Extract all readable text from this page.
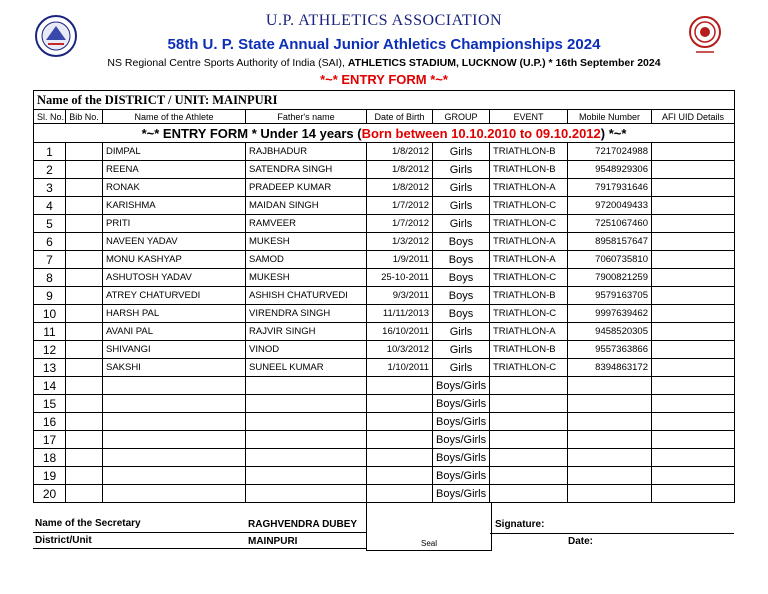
U.P. ATHLETICS ASSOCIATION
58th U. P. State Annual Junior Athletics Championships 2024
NS Regional Centre Sports Authority of India (SAI), ATHLETICS STADIUM, LUCKNOW (U.P.) * 16th September 2024
*~* ENTRY FORM *~*
Name of the DISTRICT / UNIT: MAINPURI								
Sl. No.	Bib No.	Name of the Athlete	Father's name	Date of Birth	GROUP	EVENT	Mobile Number	AFI UID Details
*~* ENTRY FORM * Under 14 years (Born between 10.10.2010 to 09.10.2012) *~*								
1		DIMPAL	RAJBHADUR	1/8/2012	Girls	TRIATHLON-B	7217024988	
2		REENA	SATENDRA SINGH	1/8/2012	Girls	TRIATHLON-B	9548929306	
3		RONAK	PRADEEP KUMAR	1/8/2012	Girls	TRIATHLON-A	7917931646	
4		KARISHMA	MAIDAN SINGH	1/7/2012	Girls	TRIATHLON-C	9720049433	
5		PRITI	RAMVEER	1/7/2012	Girls	TRIATHLON-C	7251067460	
6		NAVEEN YADAV	MUKESH	1/3/2012	Boys	TRIATHLON-A	8958157647	
7		MONU KASHYAP	SAMOD	1/9/2011	Boys	TRIATHLON-A	7060735810	
8		ASHUTOSH YADAV	MUKESH	25-10-2011	Boys	TRIATHLON-C	7900821259	
9		ATREY CHATURVEDI	ASHISH CHATURVEDI	9/3/2011	Boys	TRIATHLON-B	9579163705	
10		HARSH PAL	VIRENDRA SINGH	11/11/2013	Boys	TRIATHLON-C	9997639462	
11		AVANI PAL	RAJVIR SINGH	16/10/2011	Girls	TRIATHLON-A	9458520305	
12		SHIVANGI	VINOD	10/3/2012	Girls	TRIATHLON-B	9557363866	
13		SAKSHI	SUNEEL KUMAR	1/10/2011	Girls	TRIATHLON-C	8394863172	
14					Boys/Girls			
15					Boys/Girls			
16					Boys/Girls			
17					Boys/Girls			
18					Boys/Girls			
19					Boys/Girls			
20					Boys/Girls			
Name of the Secretary	RAGHVENDRA DUBEY
District/Unit	MAINPURI	Seal
Signature:
Date:
